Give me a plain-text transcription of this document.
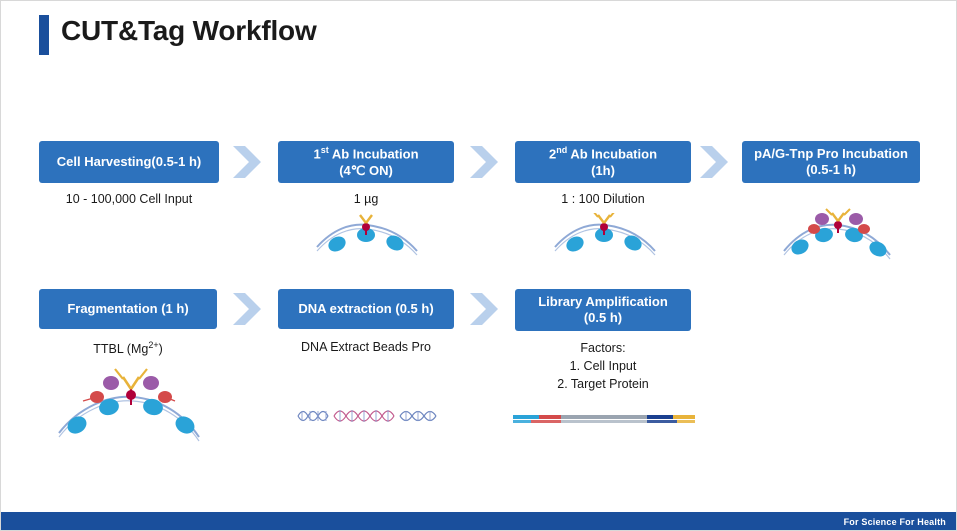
CUT&Tag Workflow
Cell Harvesting(0.5-1 h)	1st Ab Incubation
(4℃ ON)
2nd Ab Incubation
(1h)
pA/G-Tnp Pro Incubation
(0.5-1 h)
10 - 100,000 Cell Input	1 µg	1 : 100 Dilution
Fragmentation (1 h)	DNA extraction (0.5 h)	Library Amplification
(0.5 h)
TTBL $(Mg^{2+})$	DNA Extract Beads Pro	Factors:
1. Cell Input
2. Target Protein
For Science For Health
